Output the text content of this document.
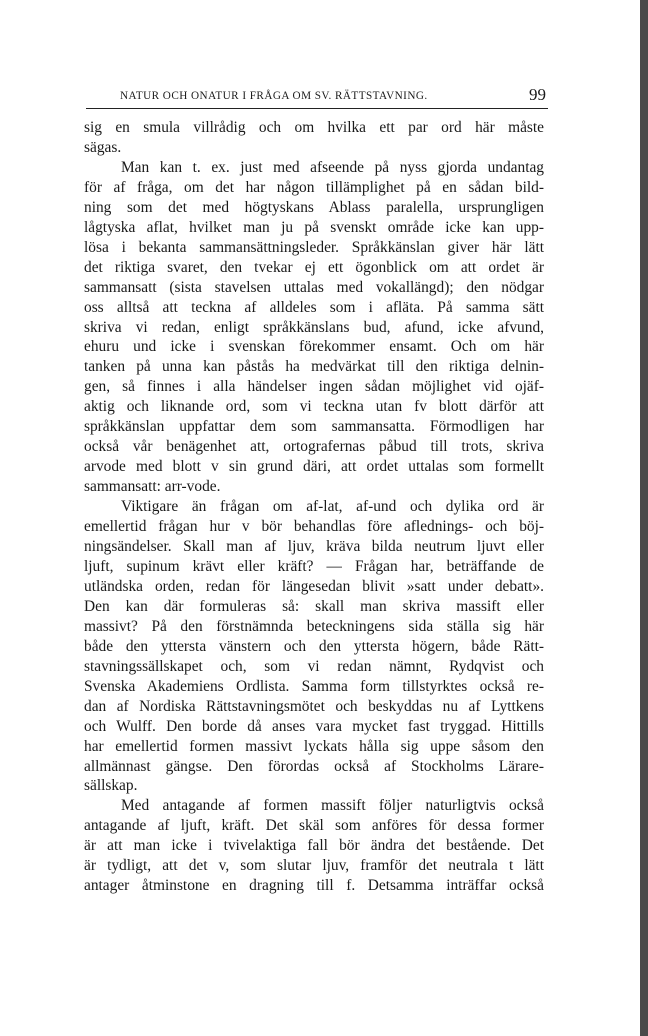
NATUR OCH ONATUR I FRÅGA OM SV. RÄTTSTAVNING.	99

sig en smula villrådig och om hvilka ett par ord här måste

sägas.

Man kan t. ex. just med afseende på nyss gjorda undantag

för af fråga, om det har någon tillämplighet på en sådan bild-

ning som det med högtyskans Ablass paralella, ursprungligen

lågtyska aflat, hvilket man ju på svenskt område icke kan upp-

lösa i bekanta sammansättningsleder. Språkkänslan giver här lätt

det riktiga svaret, den tvekar ej ett ögonblick om att ordet är

sammansatt (sista stavelsen uttalas med vokallängd); den nödgar

oss alltså att teckna af alldeles som i afläta. På samma sätt

skriva vi redan, enligt språkkänslans bud, afund, icke afvund,

ehuru und icke i svenskan förekommer ensamt. Och om här

tanken på unna kan påstås ha medvärkat till den riktiga delnin-

gen, så finnes i alla händelser ingen sådan möjlighet vid ojäf-

aktig och liknande ord, som vi teckna utan fv blott därför att

språkkänslan uppfattar dem som sammansatta. Förmodligen har

också vår benägenhet att, ortografernas påbud till trots, skriva

arvode med blott v sin grund däri, att ordet uttalas som formellt

sammansatt: arr-vode.

Viktigare än frågan om af-lat, af-und och dylika ord är

emellertid frågan hur v bör behandlas före aflednings- och böj-

ningsändelser. Skall man af ljuv, kräva bilda neutrum ljuvt eller

ljuft, supinum krävt eller kräft? — Frågan har, beträffande de

utländska orden, redan för längesedan blivit »satt under debatt».

Den kan där formuleras så: skall man skriva massift eller

massivt? På den förstnämnda beteckningens sida ställa sig här

både den yttersta vänstern och den yttersta högern, både Rätt-

stavningssällskapet och, som vi redan nämnt, Rydqvist och

Svenska Akademiens Ordlista. Samma form tillstyrktes också re-

dan af Nordiska Rättstavningsmötet och beskyddas nu af Lyttkens

och Wulff. Den borde då anses vara mycket fast tryggad. Hittills

har emellertid formen massivt lyckats hålla sig uppe såsom den

allmännast gängse. Den förordas också af Stockholms Lärare-

sällskap.

Med antagande af formen massift följer naturligtvis också

antagande af ljuft, kräft. Det skäl som anföres för dessa former

är att man icke i tvivelaktiga fall bör ändra det bestående. Det

är tydligt, att det v, som slutar ljuv, framför det neutrala t lätt

antager åtminstone en dragning till f. Detsamma inträffar också
